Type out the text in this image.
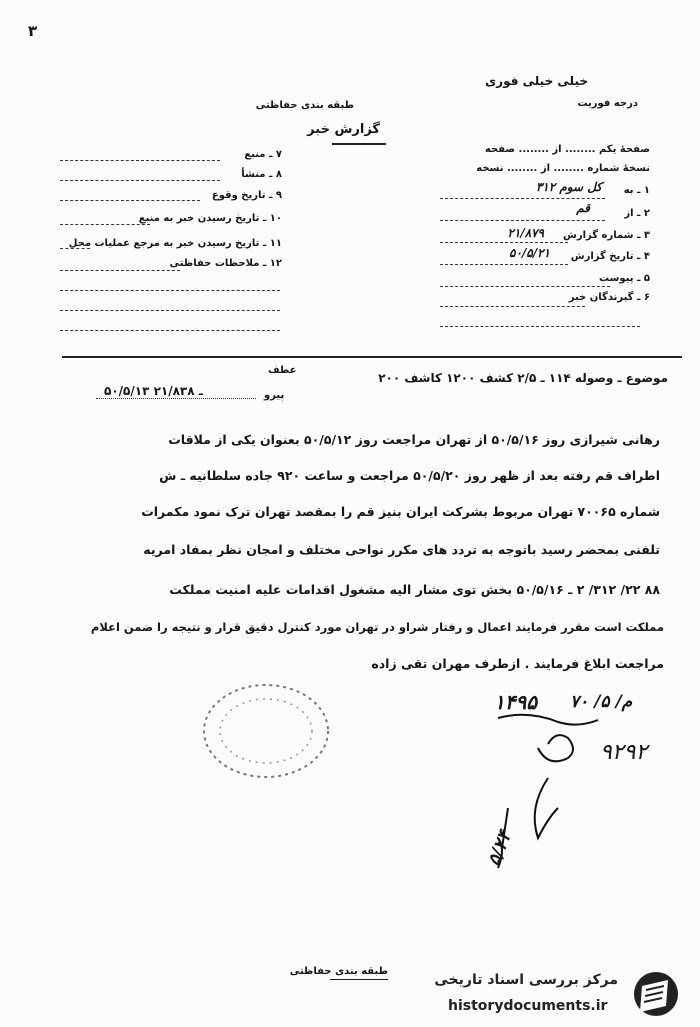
٣
خیلی خیلی فوری
درجه فوریت
طبقه بندی حفاظتی
گزارش خبر
صفحهٔ یکم ........ از ........ صفحه
نسخهٔ شماره ........ از ........ نسخه
۱ ـ به
کل سوم ۳۱۲
۲ ـ از
قم
۳ ـ شماره گزارش
۲۱/۸۷۹
۴ ـ تاریخ گزارش
۵۰/۵/۲۱
۵ ـ پیوست
۶ ـ گیرندگان خبر
۷ ـ منبع
۸ ـ منشأ
۹ ـ تاریخ وقوع
۱۰ ـ تاریخ رسیدن خبر به منبع
۱۱ ـ تاریخ رسیدن خبر به مرجع عملیات محل
۱۲ ـ ملاحظات حفاظتی
عطف
موضوع ـ وصوله ۱۱۴ ـ ۲/۵ کشف ۱۲۰۰ کاشف ۲۰۰
پیرو
۵۰/۵/۱۳ ـ ۲۱/۸۳۸
رهانی شیرازی روز ۵۰/۵/۱۶ از تهران مراجعت روز ۵۰/۵/۱۲ بعنوان یکی از ملاقات
اطراف قم رفته بعد از ظهر روز ۵۰/۵/۲۰ مراجعت و ساعت ۹۲۰ جاده سلطانیه ـ ش
شماره ۷۰۰۶۵ تهران مربوط بشرکت ایران بنیز قم را بمقصد تهران ترک نمود مکمرات
تلفنی بمحضر رسید باتوجه به تردد های مکرر نواحی مختلف و امجان نظر بمفاد امریه
۸۸ ۲۲/ ۳۱۲/ ۲ ـ ۵۰/۵/۱۶ بخش توی مشار الیه مشغول اقدامات علیه امنیت مملکت
مملکت است مقرر فرمایند اعمال و رفتار شراو در تهران مورد کنترل دقیق قرار و نتیجه را ضمن اعلام
مراجعت ابلاغ فرمایند . ازطرف مهران تقی زاده
۷۰ /۵ /م
۱۴۹۵
۹۲۹۲
۵/۲۴
طبقه بندی حفاظتی
مرکز بررسی اسناد تاریخی
historydocuments.ir
